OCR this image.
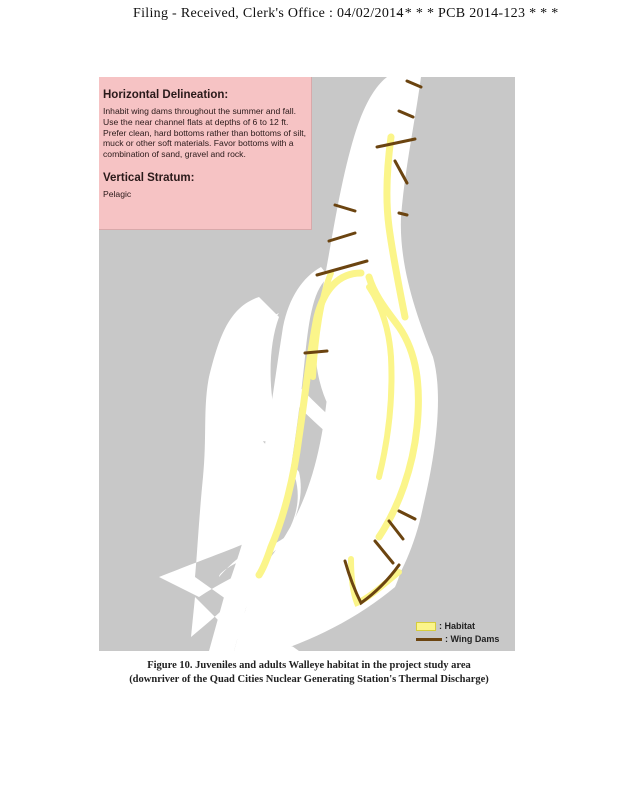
Filing - Received, Clerk's Office : 04/02/2014
- * * * PCB 2014-123 * * *
Horizontal Delineation:

Inhabit wing dams throughout the summer and fall. Use the near channel flats at depths of 6 to 12 ft. Prefer clean, hard bottoms rather than bottoms of silt, muck or other soft materials. Favor bottoms with a combination of sand, gravel and rock.

Vertical Stratum:

Pelagic

: Habitat
: Wing Dams
Figure 10. Juveniles and adults Walleye habitat in the project study area
(downriver of the Quad Cities Nuclear Generating Station's Thermal Discharge)
